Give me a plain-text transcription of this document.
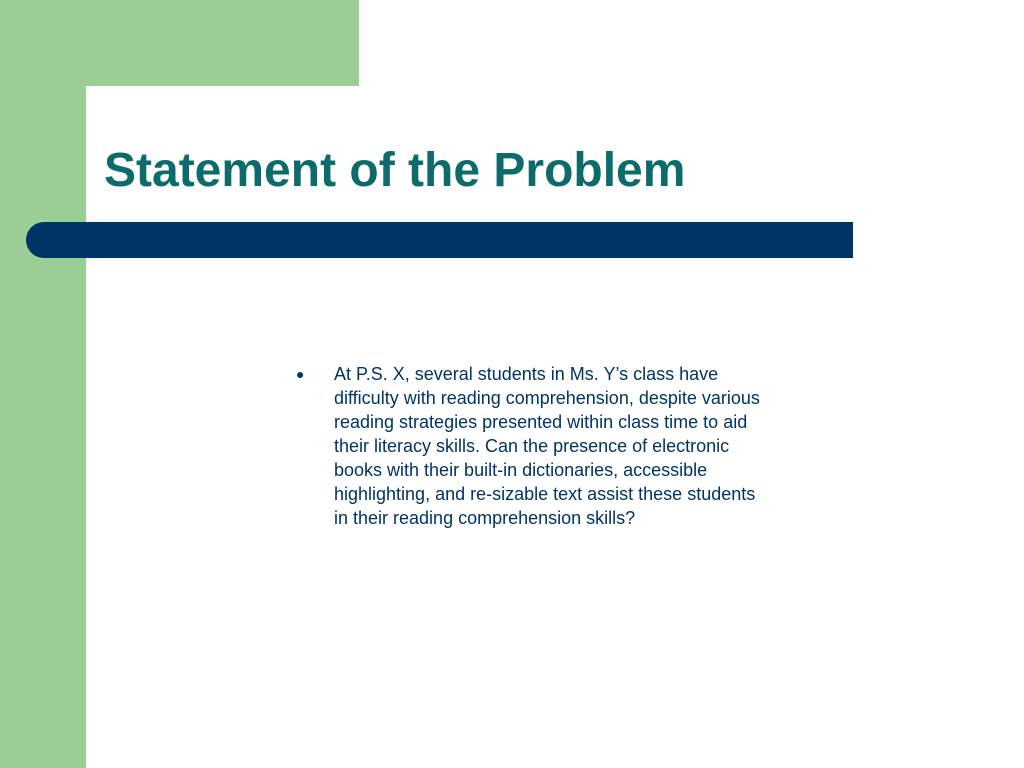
Statement of the Problem
●	At P.S. X, several students in Ms. Y’s class have difficulty with reading comprehension, despite various reading strategies presented within class time to aid their literacy skills. Can the presence of electronic books with their built-in dictionaries, accessible highlighting, and re-sizable text assist these students in their reading comprehension skills?
